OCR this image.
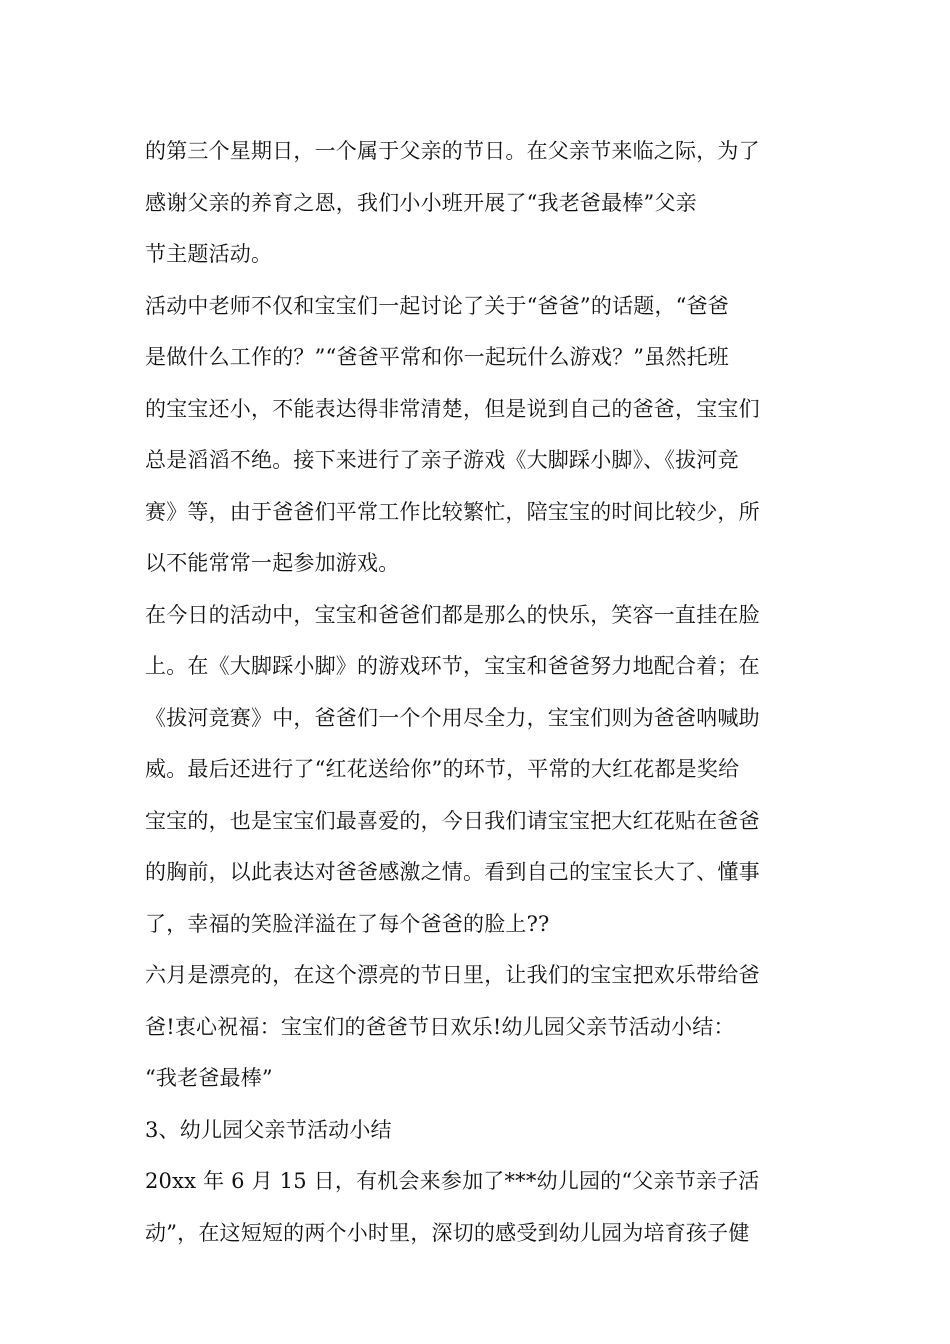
的第三个星期日，一个属于父亲的节日。在父亲节来临之际，为了
感谢父亲的养育之恩，我们小小班开展了“我老爸最棒”父亲
节主题活动。
活动中老师不仅和宝宝们一起讨论了关于“爸爸”的话题，“爸爸
是做什么工作的？”“爸爸平常和你一起玩什么游戏？”虽然托班
的宝宝还小，不能表达得非常清楚，但是说到自己的爸爸，宝宝们
总是滔滔不绝。接下来进行了亲子游戏《大脚踩小脚》、《拔河竞
赛》等，由于爸爸们平常工作比较繁忙，陪宝宝的时间比较少，所
以不能常常一起参加游戏。
在今日的活动中，宝宝和爸爸们都是那么的快乐，笑容一直挂在脸
上。在《大脚踩小脚》的游戏环节，宝宝和爸爸努力地配合着；在
《拔河竞赛》中，爸爸们一个个用尽全力，宝宝们则为爸爸呐喊助
威。最后还进行了“红花送给你”的环节，平常的大红花都是奖给
宝宝的，也是宝宝们最喜爱的，今日我们请宝宝把大红花贴在爸爸
的胸前，以此表达对爸爸感激之情。看到自己的宝宝长大了、懂事
了，幸福的笑脸洋溢在了每个爸爸的脸上??
六月是漂亮的，在这个漂亮的节日里，让我们的宝宝把欢乐带给爸
爸!衷心祝福：宝宝们的爸爸节日欢乐!幼儿园父亲节活动小结：
“我老爸最棒”
3、幼儿园父亲节活动小结
20xx 年 6 月 15 日，有机会来参加了***幼儿园的“父亲节亲子活
动”，在这短短的两个小时里，深切的感受到幼儿园为培育孩子健
